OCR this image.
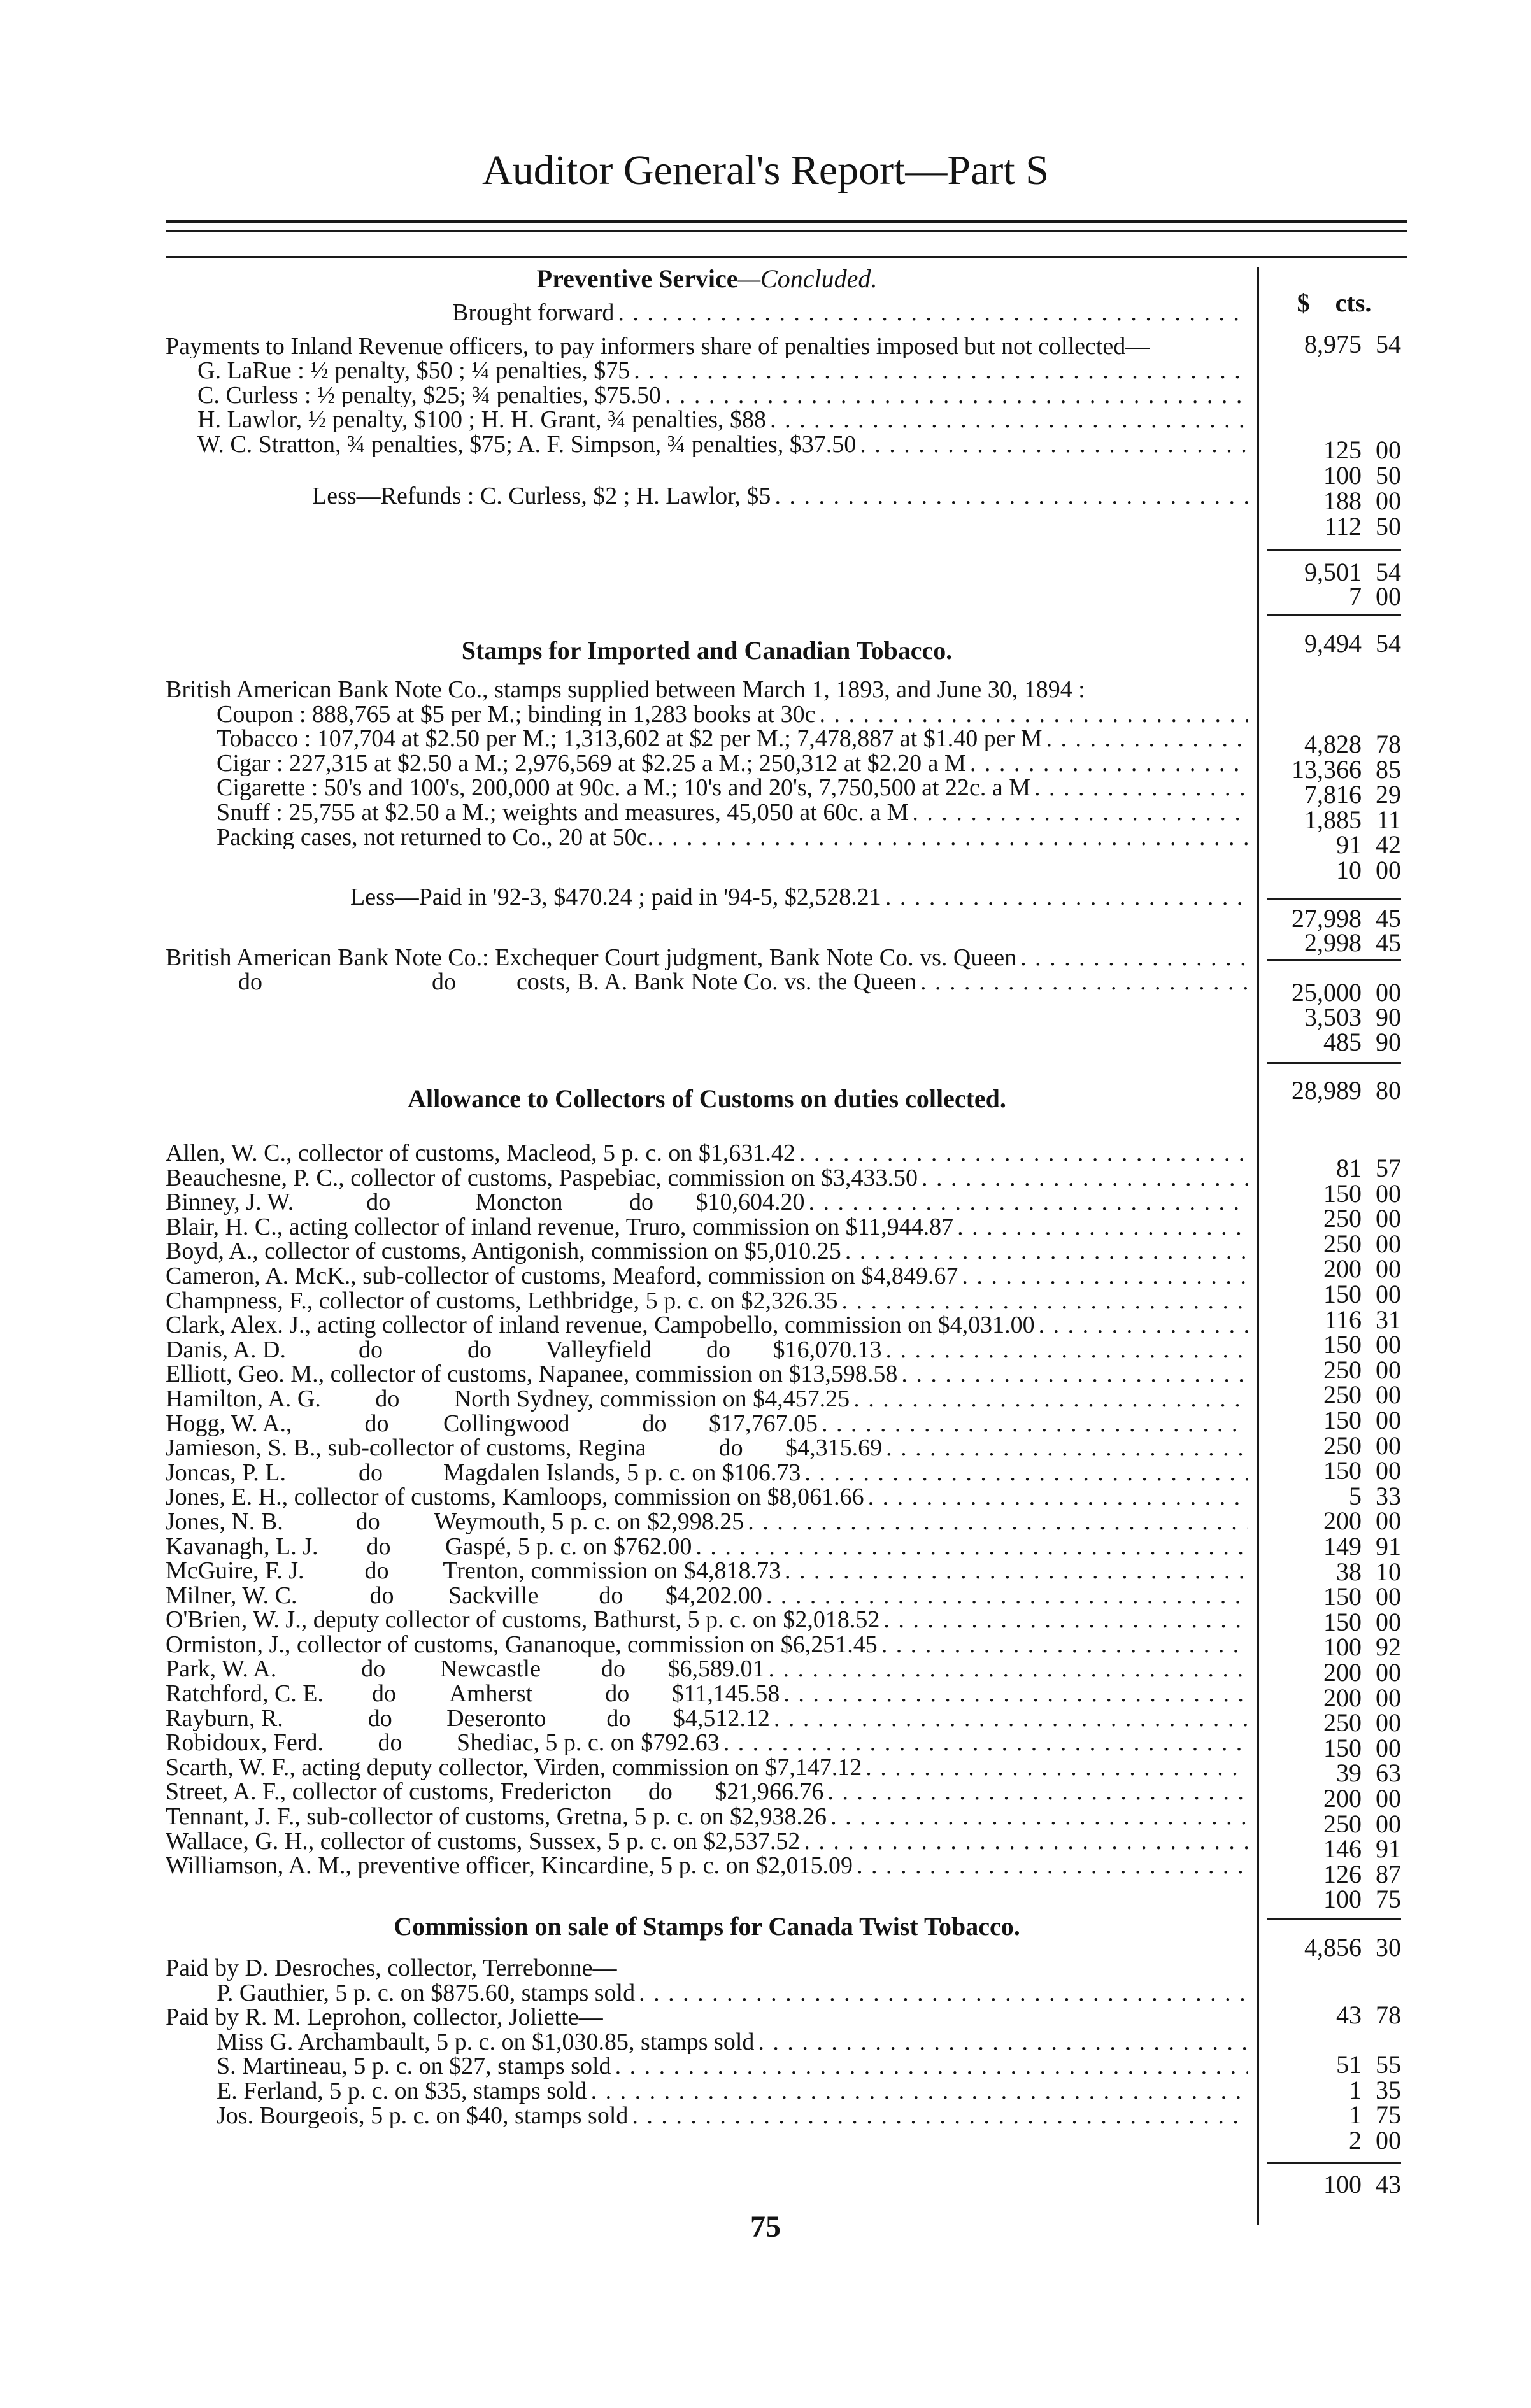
Auditor General's Report—Part S
$    cts.
Preventive Service—Concluded.
Brought forward
. . .
Payments to Inland Revenue officers, to pay informers share of penalties imposed but not collected—
G. LaRue : ½ penalty, $50 ; ¼ penalties, $75
. . .
C. Curless : ½ penalty, $25; ¾ penalties, $75.50
. . .
H. Lawlor, ½ penalty, $100 ; H. H. Grant, ¾ penalties, $88
. . .
W. C. Stratton, ¾ penalties, $75; A. F. Simpson, ¾ penalties, $37.50
. . .
Less—Refunds : C. Curless, $2 ; H. Lawlor, $5
. . .
8,975 54
125 00
100 50
188 00
112 50
9,501 54
7 00
9,494 54
Stamps for Imported and Canadian Tobacco.
British American Bank Note Co., stamps supplied between March 1, 1893, and June 30, 1894 :
Coupon : 888,765 at $5 per M.; binding in 1,283 books at 30c
. . .
Tobacco : 107,704 at $2.50 per M.; 1,313,602 at $2 per M.; 7,478,887 at $1.40 per M
. . .
Cigar : 227,315 at $2.50 a M.; 2,976,569 at $2.25 a M.; 250,312 at $2.20 a M
. . .
Cigarette : 50's and 100's, 200,000 at 90c. a M.; 10's and 20's, 7,750,500 at 22c. a M
. . .
Snuff : 25,755 at $2.50 a M.; weights and measures, 45,050 at 60c. a M
. . .
Packing cases, not returned to Co., 20 at 50c.
. . .
Less—Paid in '92-3, $470.24 ; paid in '94-5, $2,528.21
. . .
British American Bank Note Co.: Exchequer Court judgment, Bank Note Co. vs. Queen
. . .
do                            do          costs, B. A. Bank Note Co. vs. the Queen
. . .
4,828 78
13,366 85
7,816 29
1,885 11
91 42
10 00
27,998 45
2,998 45
25,000 00
3,503 90
485 90
28,989 80
Allowance to Collectors of Customs on duties collected.
Allen, W. C., collector of customs, Macleod, 5 p. c. on $1,631.42
. . .
Beauchesne, P. C., collector of customs, Paspebiac, commission on $3,433.50
. . .
Binney, J. W.            do              Moncton           do       $10,604.20
. . .
Blair, H. C., acting collector of inland revenue, Truro, commission on $11,944.87
. . .
Boyd, A., collector of customs, Antigonish, commission on $5,010.25
. . .
Cameron, A. McK., sub-collector of customs, Meaford, commission on $4,849.67
. . .
Champness, F., collector of customs, Lethbridge, 5 p. c. on $2,326.35
. . .
Clark, Alex. J., acting collector of inland revenue, Campobello, commission on $4,031.00
. . .
Danis, A. D.            do              do         Valleyfield         do       $16,070.13
. . .
Elliott, Geo. M., collector of customs, Napanee, commission on $13,598.58
. . .
Hamilton, A. G.         do         North Sydney, commission on $4,457.25
. . .
Hogg, W. A.,            do         Collingwood            do       $17,767.05
. . .
Jamieson, S. B., sub-collector of customs, Regina            do       $4,315.69
. . .
Joncas, P. L.            do          Magdalen Islands, 5 p. c. on $106.73
. . .
Jones, E. H., collector of customs, Kamloops, commission on $8,061.66
. . .
Jones, N. B.            do         Weymouth, 5 p. c. on $2,998.25
. . .
Kavanagh, L. J.        do         Gaspé, 5 p. c. on $762.00
. . .
McGuire, F. J.          do         Trenton, commission on $4,818.73
. . .
Milner, W. C.            do         Sackville          do       $4,202.00
. . .
O'Brien, W. J., deputy collector of customs, Bathurst, 5 p. c. on $2,018.52
. . .
Ormiston, J., collector of customs, Gananoque, commission on $6,251.45
. . .
Park, W. A.              do         Newcastle          do       $6,589.01
. . .
Ratchford, C. E.        do         Amherst            do       $11,145.58
. . .
Rayburn, R.              do         Deseronto          do       $4,512.12
. . .
Robidoux, Ferd.         do         Shediac, 5 p. c. on $792.63
. . .
Scarth, W. F., acting deputy collector, Virden, commission on $7,147.12
. . .
Street, A. F., collector of customs, Fredericton      do       $21,966.76
. . .
Tennant, J. F., sub-collector of customs, Gretna, 5 p. c. on $2,938.26
. . .
Wallace, G. H., collector of customs, Sussex, 5 p. c. on $2,537.52
. . .
Williamson, A. M., preventive officer, Kincardine, 5 p. c. on $2,015.09
. . .
81 57
150 00
250 00
250 00
200 00
150 00
116 31
150 00
250 00
250 00
150 00
250 00
150 00
5 33
200 00
149 91
38 10
150 00
150 00
100 92
200 00
200 00
250 00
150 00
39 63
200 00
250 00
146 91
126 87
100 75
4,856 30
Commission on sale of Stamps for Canada Twist Tobacco.
Paid by D. Desroches, collector, Terrebonne—
P. Gauthier, 5 p. c. on $875.60, stamps sold
. . .
Paid by R. M. Leprohon, collector, Joliette—
Miss G. Archambault, 5 p. c. on $1,030.85, stamps sold
. . .
S. Martineau, 5 p. c. on $27, stamps sold
. . .
E. Ferland, 5 p. c. on $35, stamps sold
. . .
Jos. Bourgeois, 5 p. c. on $40, stamps sold
. . .
43 78
51 55
1 35
1 75
2 00
100 43
75
